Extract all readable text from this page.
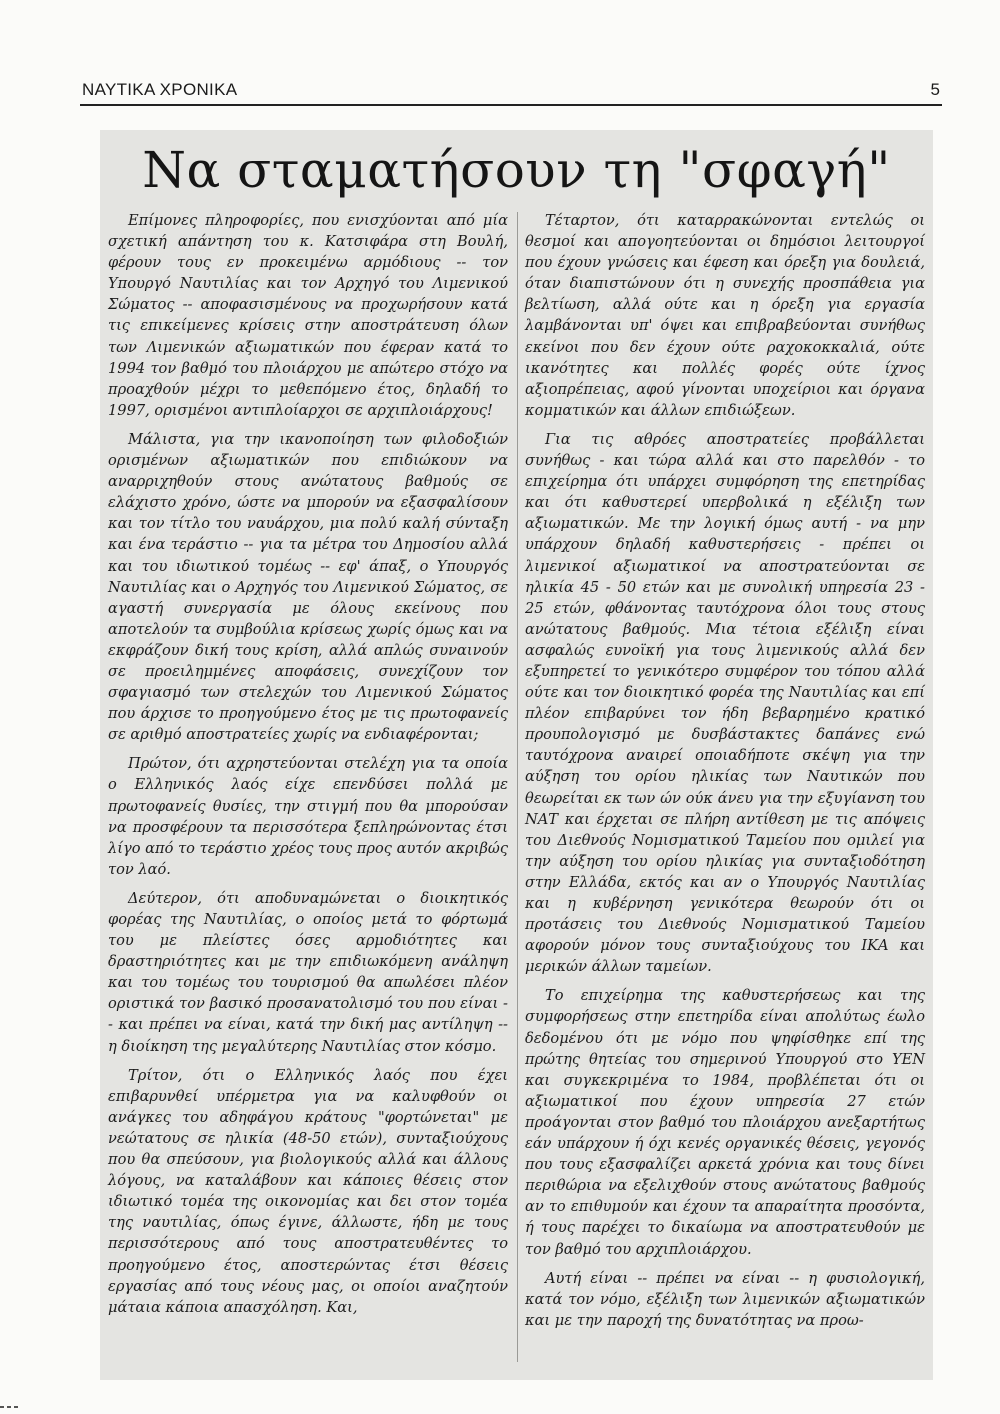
ΝΑΥΤΙΚΑ ΧΡΟΝΙΚΑ	5
Να σταματήσουν τη "σφαγή"

Επίμονες πληροφορίες, που ενισχύονται από μία σχετική απάντηση του κ. Κατσιφάρα στη Βουλή, φέρουν τους εν προκειμένω αρμόδιους -- τον Υπουργό Ναυτιλίας και τον Αρχηγό του Λιμενικού Σώματος -- αποφασισμένους να προχωρήσουν κατά τις επικείμενες κρίσεις στην αποστράτευση όλων των Λιμενικών αξιωματικών που έφεραν κατά το 1994 τον βαθμό του πλοιάρχου με απώτερο στόχο να προαχθούν μέχρι το μεθεπόμενο έτος, δηλαδή το 1997, ορισμένοι αντιπλοίαρχοι σε αρχιπλοιάρχους!

Μάλιστα, για την ικανοποίηση των φιλοδοξιών ορισμένων αξιωματικών που επιδιώκουν να αναρριχηθούν στους ανώτατους βαθμούς σε ελάχιστο χρόνο, ώστε να μπορούν να εξασφαλίσουν και τον τίτλο του ναυάρχου, μια πολύ καλή σύνταξη και ένα τεράστιο -- για τα μέτρα του Δημοσίου αλλά και του ιδιωτικού τομέως -- εφ' άπαξ, ο Υπουργός Ναυτιλίας και ο Αρχηγός του Λιμενικού Σώματος, σε αγαστή συνεργασία με όλους εκείνους που αποτελούν τα συμβούλια κρίσεως χωρίς όμως και να εκφράζουν δική τους κρίση, αλλά απλώς συναινούν σε προειλημμένες αποφάσεις, συνεχίζουν τον σφαγιασμό των στελεχών του Λιμενικού Σώματος που άρχισε το προηγούμενο έτος με τις πρωτοφανείς σε αριθμό αποστρατείες χωρίς να ενδιαφέρονται;

Πρώτον, ότι αχρηστεύονται στελέχη για τα οποία ο Ελληνικός λαός είχε επενδύσει πολλά με πρωτοφανείς θυσίες, την στιγμή που θα μπορούσαν να προσφέρουν τα περισσότερα ξεπληρώνοντας έτσι λίγο από το τεράστιο χρέος τους προς αυτόν ακριβώς τον λαό.

Δεύτερον, ότι αποδυναμώνεται ο διοικητικός φορέας της Ναυτιλίας, ο οποίος μετά το φόρτωμά του με πλείστες όσες αρμοδιότητες και δραστηριότητες και με την επιδιωκόμενη ανάληψη και του τομέως του τουρισμού θα απωλέσει πλέον οριστικά τον βασικό προσανατολισμό του που είναι -- και πρέπει να είναι, κατά την δική μας αντίληψη -- η διοίκηση της μεγαλύτερης Ναυτιλίας στον κόσμο.

Τρίτον, ότι ο Ελληνικός λαός που έχει επιβαρυνθεί υπέρμετρα για να καλυφθούν οι ανάγκες του αδηφάγου κράτους "φορτώνεται" με νεώτατους σε ηλικία (48-50 ετών), συνταξιούχους που θα σπεύσουν, για βιολογικούς αλλά και άλλους λόγους, να καταλάβουν και κάποιες θέσεις στον ιδιωτικό τομέα της οικονομίας και δει στον τομέα της ναυτιλίας, όπως έγινε, άλλωστε, ήδη με τους περισσότερους από τους αποστρατευθέντες το προηγούμενο έτος, αποστερώντας έτσι θέσεις εργασίας από τους νέους μας, οι οποίοι αναζητούν μάταια κάποια απασχόληση. Και,

Τέταρτον, ότι καταρρακώνονται εντελώς οι θεσμοί και απογοητεύονται οι δημόσιοι λειτουργοί που έχουν γνώσεις και έφεση και όρεξη για δουλειά, όταν διαπιστώνουν ότι η συνεχής προσπάθεια για βελτίωση, αλλά ούτε και η όρεξη για εργασία λαμβάνονται υπ' όψει και επιβραβεύονται συνήθως εκείνοι που δεν έχουν ούτε ραχοκοκκαλιά, ούτε ικανότητες και πολλές φορές ούτε ίχνος αξιοπρέπειας, αφού γίνονται υποχείριοι και όργανα κομματικών και άλλων επιδιώξεων.

Για τις αθρόες αποστρατείες προβάλλεται συνήθως - και τώρα αλλά και στο παρελθόν - το επιχείρημα ότι υπάρχει συμφόρηση της επετηρίδας και ότι καθυστερεί υπερβολικά η εξέλιξη των αξιωματικών. Με την λογική όμως αυτή - να μην υπάρχουν δηλαδή καθυστερήσεις - πρέπει οι λιμενικοί αξιωματικοί να αποστρατεύονται σε ηλικία 45 - 50 ετών και με συνολική υπηρεσία 23 - 25 ετών, φθάνοντας ταυτόχρονα όλοι τους στους ανώτατους βαθμούς. Μια τέτοια εξέλιξη είναι ασφαλώς ευνοϊκή για τους λιμενικούς αλλά δεν εξυπηρετεί το γενικότερο συμφέρον του τόπου αλλά ούτε και τον διοικητικό φορέα της Ναυτιλίας και επί πλέον επιβαρύνει τον ήδη βεβαρημένο κρατικό προυπολογισμό με δυσβάστακτες δαπάνες ενώ ταυτόχρονα αναιρεί οποιαδήποτε σκέψη για την αύξηση του ορίου ηλικίας των Ναυτικών που θεωρείται εκ των ών ούκ άνευ για την εξυγίανση του ΝΑΤ και έρχεται σε πλήρη αντίθεση με τις απόψεις του Διεθνούς Νομισματικού Ταμείου που ομιλεί για την αύξηση του ορίου ηλικίας για συνταξιοδότηση στην Ελλάδα, εκτός και αν ο Υπουργός Ναυτιλίας και η κυβέρνηση γενικότερα θεωρούν ότι οι προτάσεις του Διεθνούς Νομισματικού Ταμείου αφορούν μόνον τους συνταξιούχους του ΙΚΑ και μερικών άλλων ταμείων.

Το επιχείρημα της καθυστερήσεως και της συμφορήσεως στην επετηρίδα είναι απολύτως έωλο δεδομένου ότι με νόμο που ψηφίσθηκε επί της πρώτης θητείας του σημερινού Υπουργού στο ΥΕΝ και συγκεκριμένα το 1984, προβλέπεται ότι οι αξιωματικοί που έχουν υπηρεσία 27 ετών προάγονται στον βαθμό του πλοιάρχου ανεξαρτήτως εάν υπάρχουν ή όχι κενές οργανικές θέσεις, γεγονός που τους εξασφαλίζει αρκετά χρόνια και τους δίνει περιθώρια να εξελιχθούν στους ανώτατους βαθμούς αν το επιθυμούν και έχουν τα απαραίτητα προσόντα, ή τους παρέχει το δικαίωμα να αποστρατευθούν με τον βαθμό του αρχιπλοιάρχου.

Αυτή είναι -- πρέπει να είναι -- η φυσιολογική, κατά τον νόμο, εξέλιξη των λιμενικών αξιωματικών και με την παροχή της δυνατότητας να προω-
